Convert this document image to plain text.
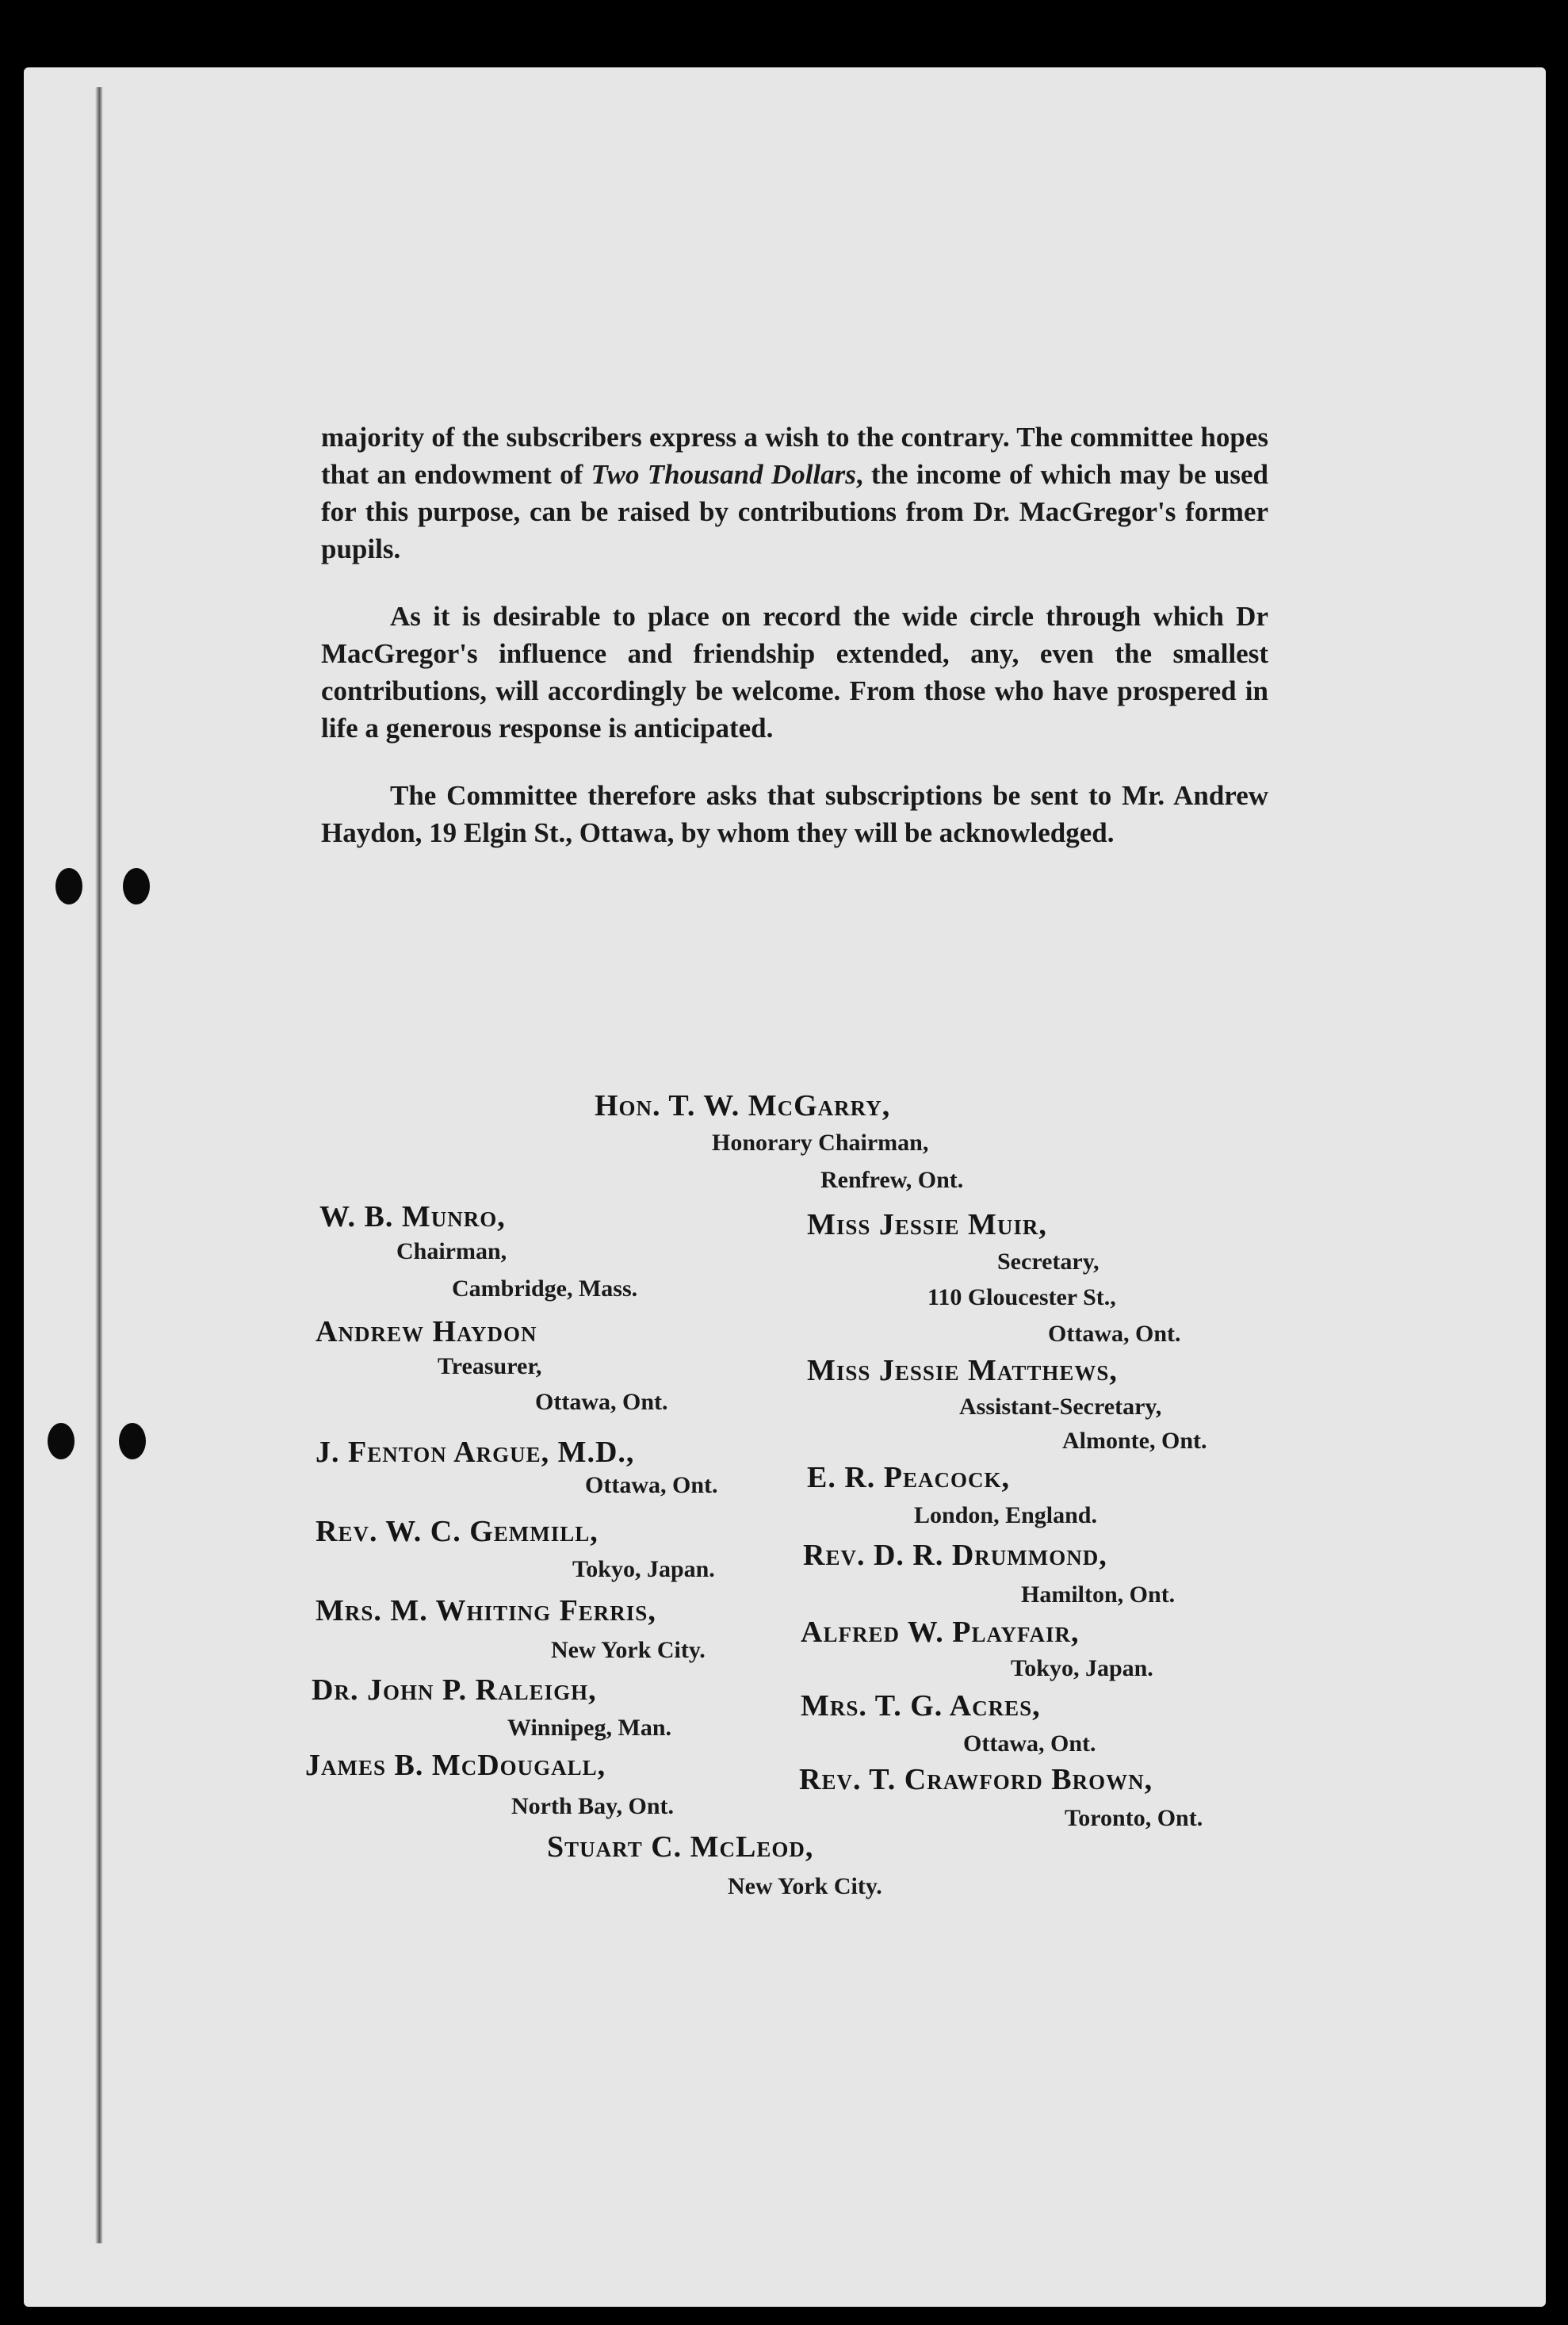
majority of the subscribers express a wish to the contrary. The committee hopes that an endowment of Two Thousand Dollars, the income of which may be used for this purpose, can be raised by contributions from Dr. MacGregor's former pupils.

As it is desirable to place on record the wide circle through which Dr MacGregor's influence and friendship extended, any, even the smallest contributions, will accordingly be welcome. From those who have prospered in life a generous response is anticipated.

The Committee therefore asks that subscriptions be sent to Mr. Andrew Haydon, 19 Elgin St., Ottawa, by whom they will be acknowledged.

Hon. T. W. McGarry,
Honorary Chairman,
Renfrew, Ont.
W. B. Munro,
Chairman,
Cambridge, Mass.
Miss Jessie Muir,
Secretary,
110 Gloucester St.,
Ottawa, Ont.
Andrew Haydon
Treasurer,
Ottawa, Ont.
Miss Jessie Matthews,
Assistant-Secretary,
Almonte, Ont.
J. Fenton Argue, M.D.,
Ottawa, Ont.	E. R. Peacock,
London, England.
Rev. W. C. Gemmill,
Tokyo, Japan.	Rev. D. R. Drummond,
Hamilton, Ont.
Mrs. M. Whiting Ferris,
New York City.
Alfred W. Playfair,
Tokyo, Japan.
Dr. John P. Raleigh,
Winnipeg, Man.
Mrs. T. G. Acres,
Ottawa, Ont.
James B. McDougall,
North Bay, Ont.
Rev. T. Crawford Brown,
Toronto, Ont.
Stuart C. McLeod,
New York City.
